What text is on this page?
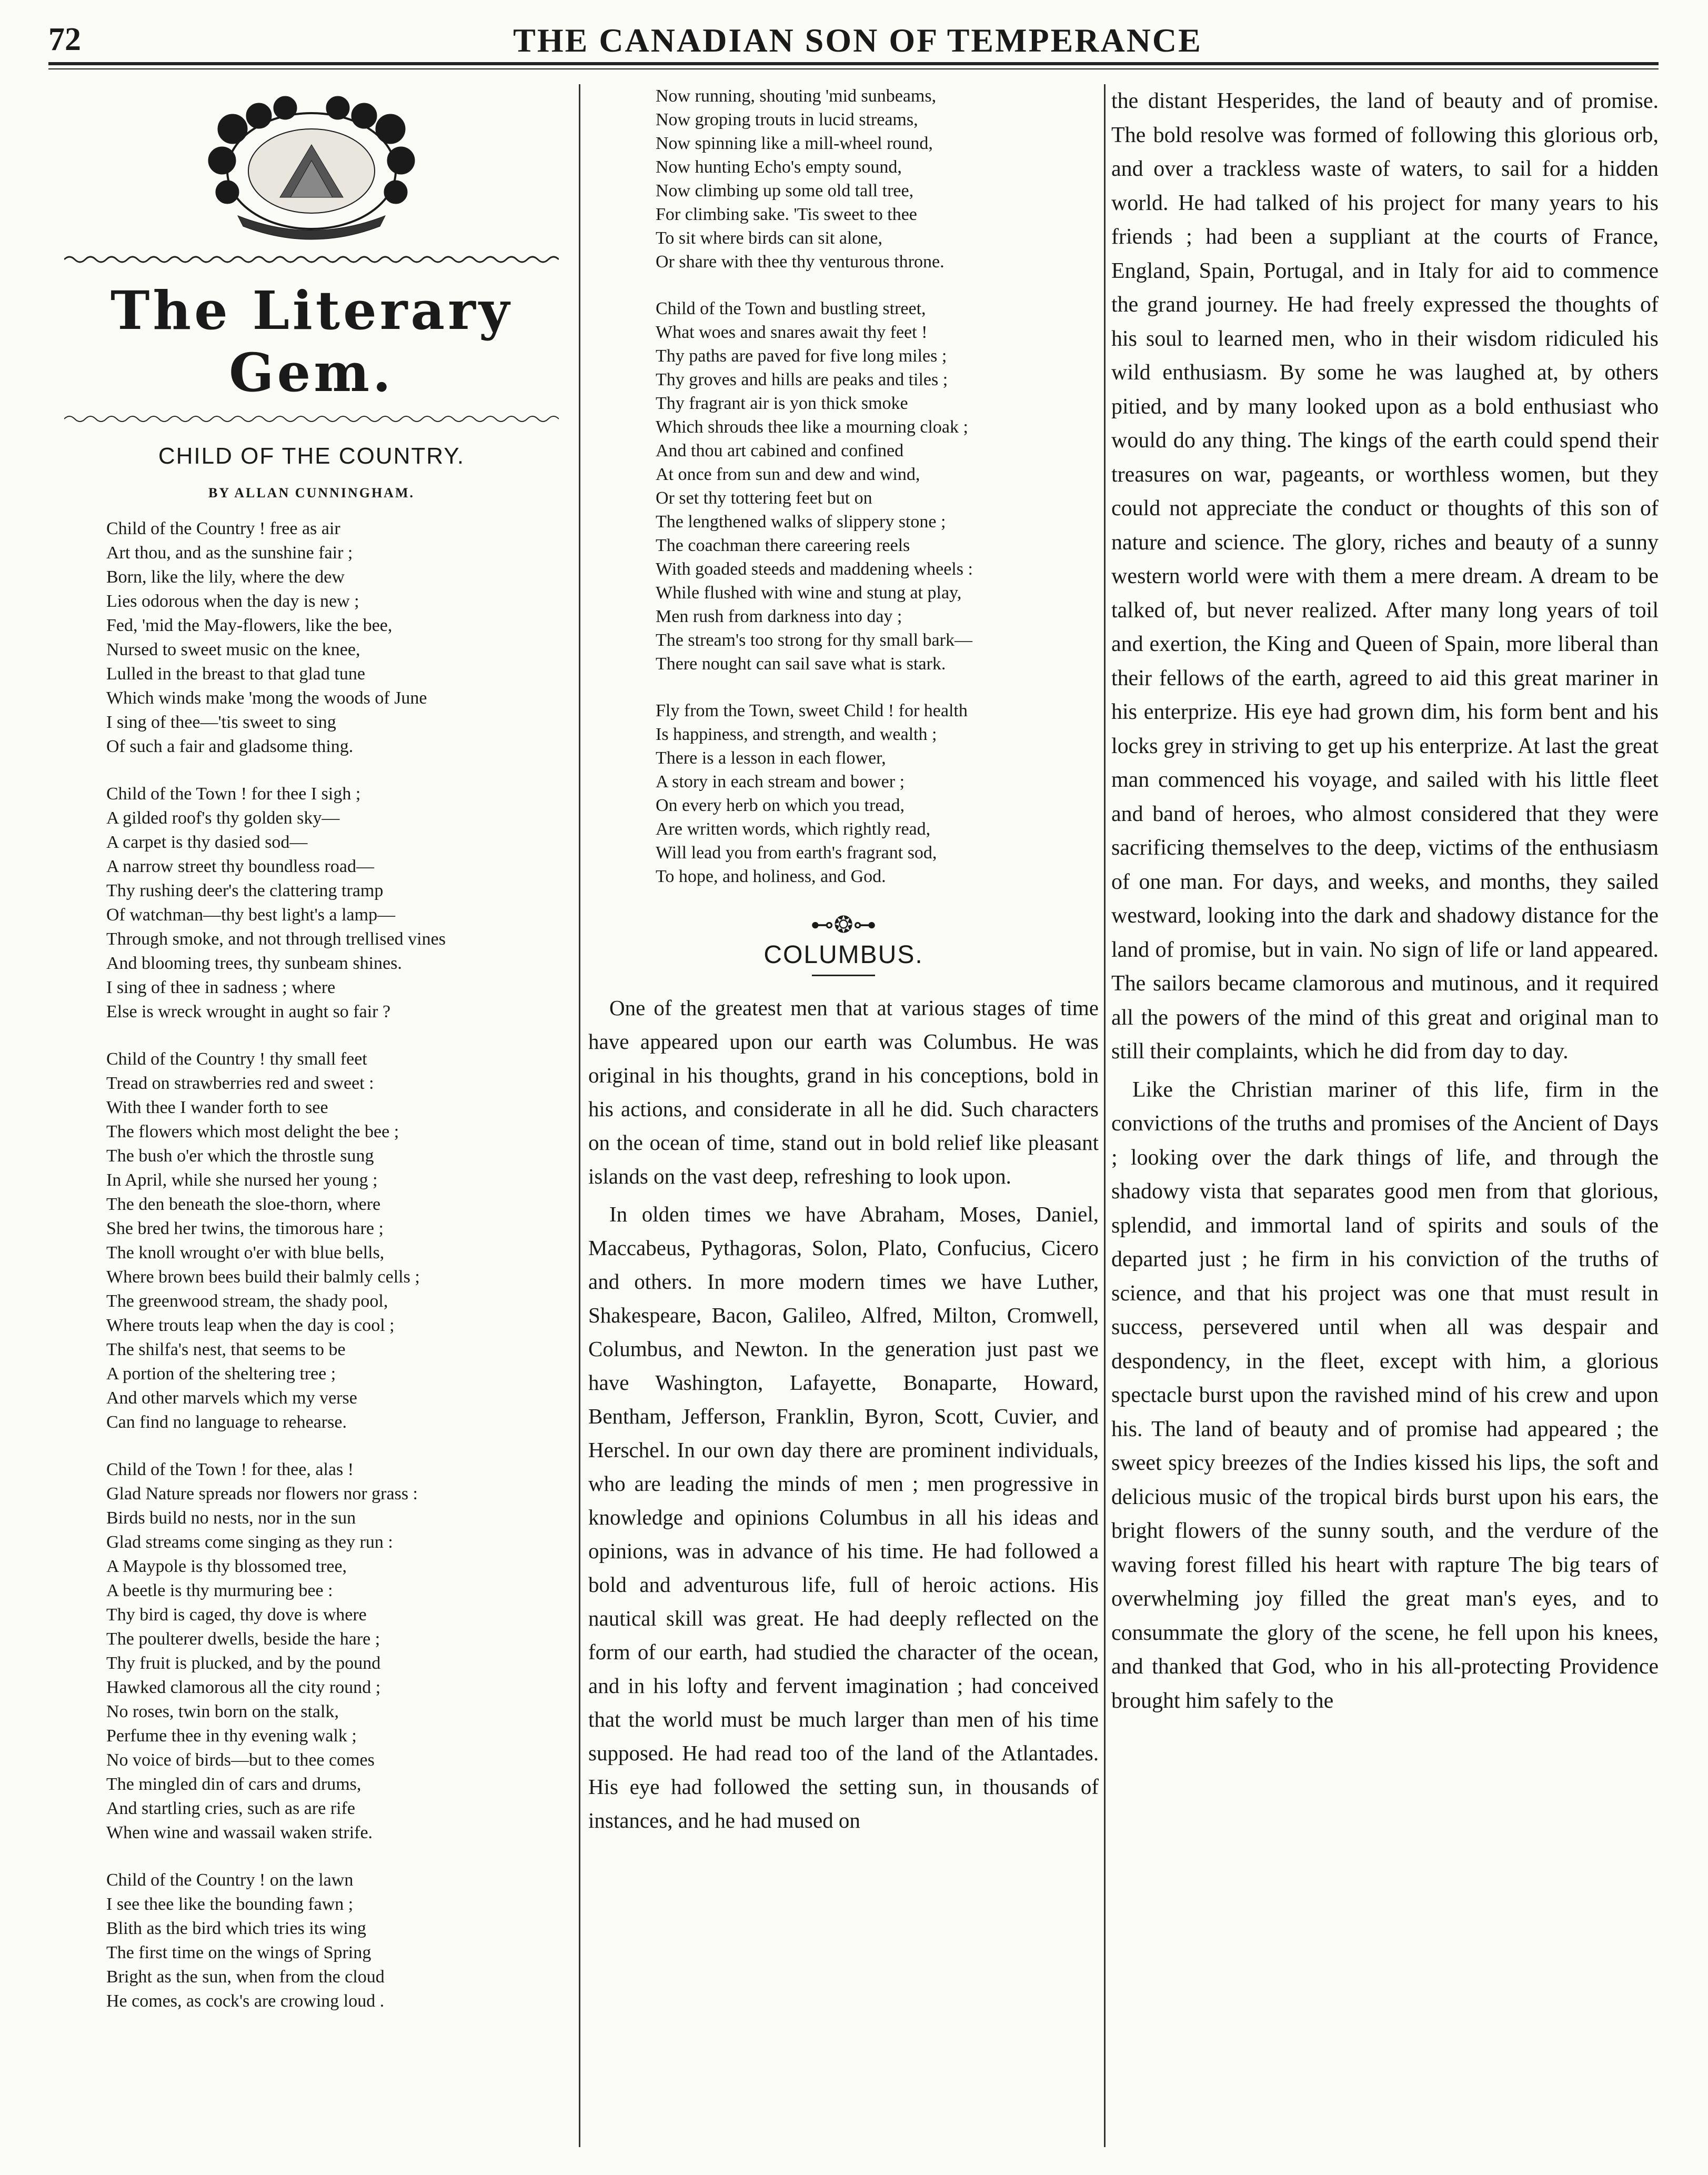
72	THE CANADIAN SON OF TEMPERANCE
The Literary Gem.
CHILD OF THE COUNTRY.
BY ALLAN CUNNINGHAM.
Child of the Country ! free as air
Art thou, and as the sunshine fair ;
Born, like the lily, where the dew
Lies odorous when the day is new ;
Fed, 'mid the May-flowers, like the bee,
Nursed to sweet music on the knee,
Lulled in the breast to that glad tune
Which winds make 'mong the woods of June
I sing of thee—'tis sweet to sing
Of such a fair and gladsome thing.
Child of the Town ! for thee I sigh ;
A gilded roof's thy golden sky—
A carpet is thy dasied sod—
A narrow street thy boundless road—
Thy rushing deer's the clattering tramp
Of watchman—thy best light's a lamp—
Through smoke, and not through trellised vines
And blooming trees, thy sunbeam shines.
I sing of thee in sadness ; where
Else is wreck wrought in aught so fair ?
Child of the Country ! thy small feet
Tread on strawberries red and sweet :
With thee I wander forth to see
The flowers which most delight the bee ;
The bush o'er which the throstle sung
In April, while she nursed her young ;
The den beneath the sloe-thorn, where
She bred her twins, the timorous hare ;
The knoll wrought o'er with blue bells,
Where brown bees build their balmly cells ;
The greenwood stream, the shady pool,
Where trouts leap when the day is cool ;
The shilfa's nest, that seems to be
A portion of the sheltering tree ;
And other marvels which my verse
Can find no language to rehearse.
Child of the Town ! for thee, alas !
Glad Nature spreads nor flowers nor grass :
Birds build no nests, nor in the sun
Glad streams come singing as they run :
A Maypole is thy blossomed tree,
A beetle is thy murmuring bee :
Thy bird is caged, thy dove is where
The poulterer dwells, beside the hare ;
Thy fruit is plucked, and by the pound
Hawked clamorous all the city round ;
No roses, twin born on the stalk,
Perfume thee in thy evening walk ;
No voice of birds—but to thee comes
The mingled din of cars and drums,
And startling cries, such as are rife
When wine and wassail waken strife.
Child of the Country ! on the lawn
I see thee like the bounding fawn ;
Blith as the bird which tries its wing
The first time on the wings of Spring
Bright as the sun, when from the cloud
He comes, as cock's are crowing loud .
Now running, shouting 'mid sunbeams,
Now groping trouts in lucid streams,
Now spinning like a mill-wheel round,
Now hunting Echo's empty sound,
Now climbing up some old tall tree,
For climbing sake. 'Tis sweet to thee
To sit where birds can sit alone,
Or share with thee thy venturous throne.
Child of the Town and bustling street,
What woes and snares await thy feet !
Thy paths are paved for five long miles ;
Thy groves and hills are peaks and tiles ;
Thy fragrant air is yon thick smoke
Which shrouds thee like a mourning cloak ;
And thou art cabined and confined
At once from sun and dew and wind,
Or set thy tottering feet but on
The lengthened walks of slippery stone ;
The coachman there careering reels
With goaded steeds and maddening wheels :
While flushed with wine and stung at play,
Men rush from darkness into day ;
The stream's too strong for thy small bark—
There nought can sail save what is stark.
Fly from the Town, sweet Child ! for health
Is happiness, and strength, and wealth ;
There is a lesson in each flower,
A story in each stream and bower ;
On every herb on which you tread,
Are written words, which rightly read,
Will lead you from earth's fragrant sod,
To hope, and holiness, and God.
⊷❂⊶
COLUMBUS.

One of the greatest men that at various stages of time have appeared upon our earth was Columbus. He was original in his thoughts, grand in his conceptions, bold in his actions, and considerate in all he did. Such characters on the ocean of time, stand out in bold relief like pleasant islands on the vast deep, refreshing to look upon.

In olden times we have Abraham, Moses, Daniel, Maccabeus, Pythagoras, Solon, Plato, Confucius, Cicero and others. In more modern times we have Luther, Shakespeare, Bacon, Galileo, Alfred, Milton, Cromwell, Columbus, and Newton. In the generation just past we have Washington, Lafayette, Bonaparte, Howard, Bentham, Jefferson, Franklin, Byron, Scott, Cuvier, and Herschel. In our own day there are prominent individuals, who are leading the minds of men ; men progressive in knowledge and opinions Columbus in all his ideas and opinions, was in advance of his time. He had followed a bold and adventurous life, full of heroic actions. His nautical skill was great. He had deeply reflected on the form of our earth, had studied the character of the ocean, and in his lofty and fervent imagination ; had conceived that the world must be much larger than men of his time supposed. He had read too of the land of the Atlantades. His eye had followed the setting sun, in thousands of instances, and he had mused on

the distant Hesperides, the land of beauty and of promise. The bold resolve was formed of following this glorious orb, and over a trackless waste of waters, to sail for a hidden world. He had talked of his project for many years to his friends ; had been a suppliant at the courts of France, England, Spain, Portugal, and in Italy for aid to commence the grand journey. He had freely expressed the thoughts of his soul to learned men, who in their wisdom ridiculed his wild enthusiasm. By some he was laughed at, by others pitied, and by many looked upon as a bold enthusiast who would do any thing. The kings of the earth could spend their treasures on war, pageants, or worthless women, but they could not appreciate the conduct or thoughts of this son of nature and science. The glory, riches and beauty of a sunny western world were with them a mere dream. A dream to be talked of, but never realized. After many long years of toil and exertion, the King and Queen of Spain, more liberal than their fellows of the earth, agreed to aid this great mariner in his enterprize. His eye had grown dim, his form bent and his locks grey in striving to get up his enterprize. At last the great man commenced his voyage, and sailed with his little fleet and band of heroes, who almost considered that they were sacrificing themselves to the deep, victims of the enthusiasm of one man. For days, and weeks, and months, they sailed westward, looking into the dark and shadowy distance for the land of promise, but in vain. No sign of life or land appeared. The sailors became clamorous and mutinous, and it required all the powers of the mind of this great and original man to still their complaints, which he did from day to day.

Like the Christian mariner of this life, firm in the convictions of the truths and promises of the Ancient of Days ; looking over the dark things of life, and through the shadowy vista that separates good men from that glorious, splendid, and immortal land of spirits and souls of the departed just ; he firm in his conviction of the truths of science, and that his project was one that must result in success, persevered until when all was despair and despondency, in the fleet, except with him, a glorious spectacle burst upon the ravished mind of his crew and upon his. The land of beauty and of promise had appeared ; the sweet spicy breezes of the Indies kissed his lips, the soft and delicious music of the tropical birds burst upon his ears, the bright flowers of the sunny south, and the verdure of the waving forest filled his heart with rapture The big tears of overwhelming joy filled the great man's eyes, and to consummate the glory of the scene, he fell upon his knees, and thanked that God, who in his all-protecting Providence brought him safely to the
